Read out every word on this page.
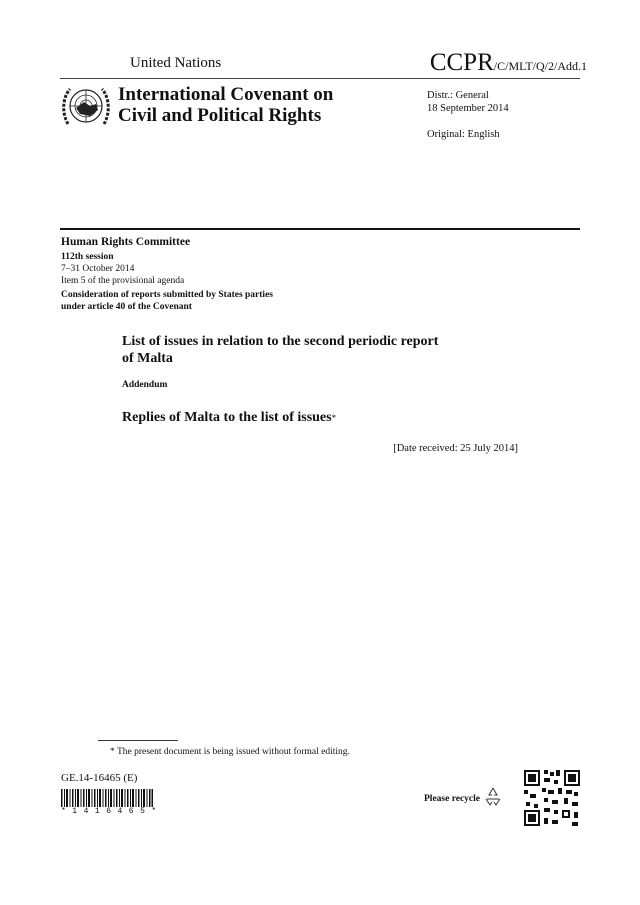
United Nations	CCPR/C/MLT/Q/2/Add.1
International Covenant on
Civil and Political Rights
Distr.: General
18 September 2014
Original: English
Human Rights Committee
112th session
7–31 October 2014
Item 5 of the provisional agenda
Consideration of reports submitted by States parties
under article 40 of the Covenant
List of issues in relation to the second periodic report
of Malta
Addendum
Replies of Malta to the list of issues*
[Date received: 25 July 2014]
* The present document is being issued without formal editing.
GE.14-16465 (E)
*1416465*
Please recycle
